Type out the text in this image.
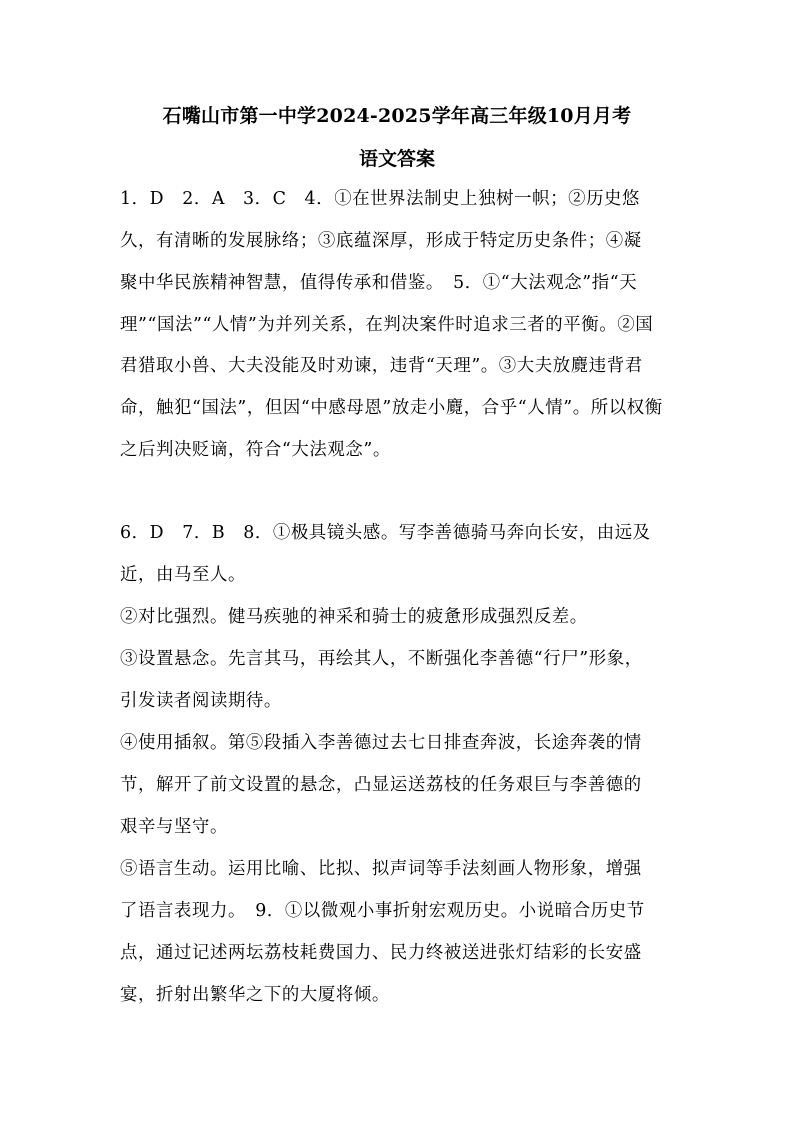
石嘴山市第一中学2024-2025学年高三年级10月月考
语文答案
1．D　2．A　3．C　4．①在世界法制史上独树一帜；②历史悠
久，有清晰的发展脉络；③底蕴深厚，形成于特定历史条件；④凝
聚中华民族精神智慧，值得传承和借鉴。　5．①“大法观念”指“天
理”“国法”“人情”为并列关系，在判决案件时追求三者的平衡。②国
君猎取小兽、大夫没能及时劝谏，违背“天理”。③大夫放麑违背君
命，触犯“国法”，但因“中感母恩”放走小麑，合乎“人情”。所以权衡
之后判决贬谪，符合“大法观念”。
6．D　7．B　8．①极具镜头感。写李善德骑马奔向长安，由远及
近，由马至人。
②对比强烈。健马疾驰的神采和骑士的疲惫形成强烈反差。
③设置悬念。先言其马，再绘其人，不断强化李善德“行尸”形象，
引发读者阅读期待。
④使用插叙。第⑤段插入李善德过去七日排查奔波，长途奔袭的情
节，解开了前文设置的悬念，凸显运送荔枝的任务艰巨与李善德的
艰辛与坚守。
⑤语言生动。运用比喻、比拟、拟声词等手法刻画人物形象，增强
了语言表现力。　9．①以微观小事折射宏观历史。小说暗合历史节
点，通过记述两坛荔枝耗费国力、民力终被送进张灯结彩的长安盛
宴，折射出繁华之下的大厦将倾。
